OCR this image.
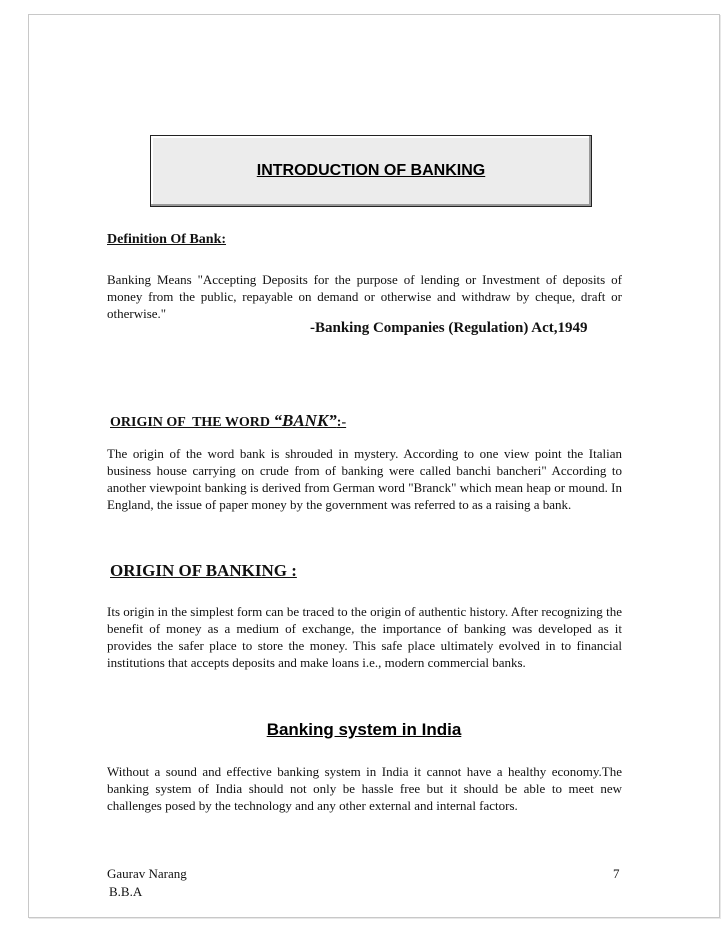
INTRODUCTION OF BANKING
Definition Of Bank:
Banking Means "Accepting Deposits for the purpose of lending or Investment of deposits of money from the public, repayable on demand or otherwise and withdraw by cheque, draft or otherwise."
-Banking Companies (Regulation) Act,1949
ORIGIN OF  THE WORD “BANK”:-
The origin of the word bank is shrouded in mystery. According to one view point the Italian business house carrying on crude from of banking were called banchi bancheri" According to another viewpoint banking is derived from German word "Branck" which mean heap or mound. In England, the issue of paper money by the government was referred to as a raising a bank.
ORIGIN OF BANKING :
Its origin in the simplest form can be traced to the origin of authentic history. After recognizing the benefit of money as a medium of exchange, the importance of banking was developed as it provides the safer place to store the money. This safe place ultimately evolved in to financial institutions that accepts deposits and make loans i.e., modern commercial banks.
Banking system in India
Without a sound and effective banking system in India it cannot have a healthy economy.The banking system of India should not only be hassle free but it should be able to meet new challenges posed by the technology and any other external and internal factors.
Gaurav Narang
B.B.A
7
